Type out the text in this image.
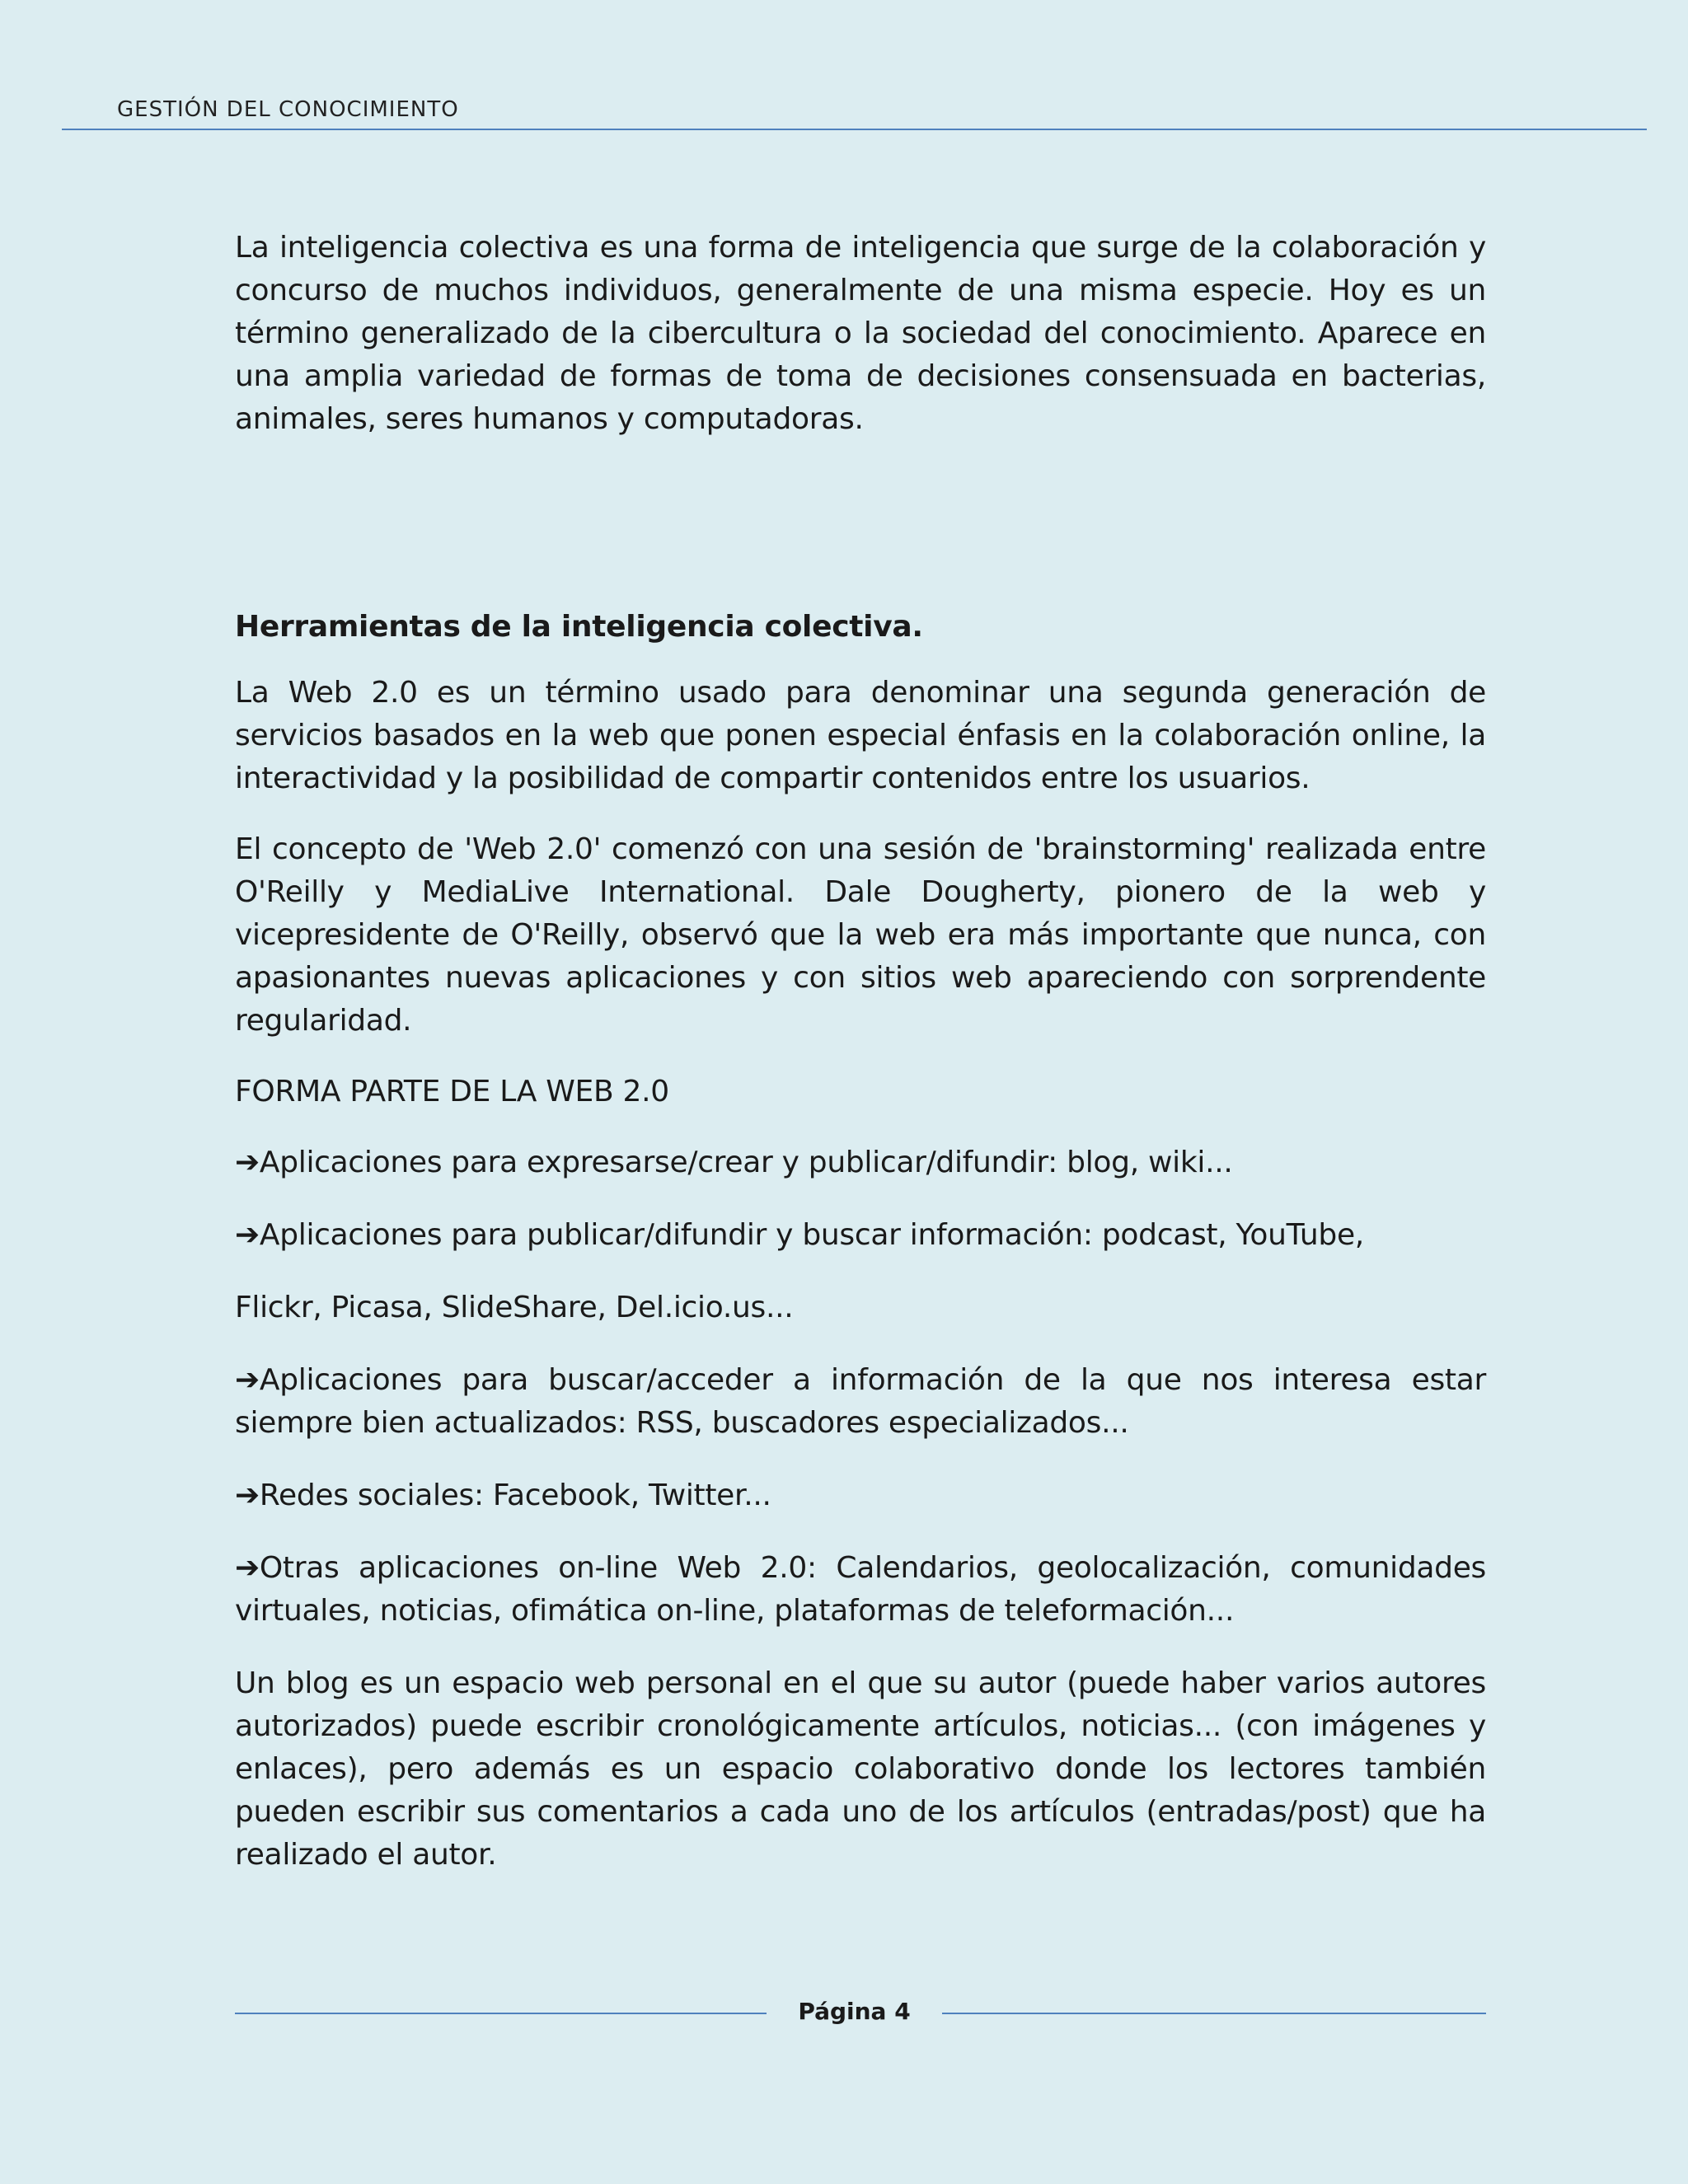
GESTIÓN DEL CONOCIMIENTO

La inteligencia colectiva es una forma de inteligencia que surge de la colaboración y concurso de muchos individuos, generalmente de una misma especie. Hoy es un término generalizado de la cibercultura o la sociedad del conocimiento. Aparece en una amplia variedad de formas de toma de decisiones consensuada en bacterias, animales, seres humanos y computadoras.

Herramientas de la inteligencia colectiva.

La Web 2.0 es un término usado para denominar una segunda generación de servicios basados en la web que ponen especial énfasis en la colaboración online, la interactividad y la posibilidad de compartir contenidos entre los usuarios.

El concepto de 'Web 2.0' comenzó con una sesión de 'brainstorming' realizada entre O'Reilly y MediaLive International. Dale Dougherty, pionero de la web y vicepresidente de O'Reilly, observó que la web era más importante que nunca, con apasionantes nuevas aplicaciones y con sitios web apareciendo con sorprendente regularidad.

FORMA PARTE DE LA WEB 2.0

➔Aplicaciones para expresarse/crear y publicar/difundir: blog, wiki...

➔Aplicaciones para publicar/difundir y buscar información: podcast, YouTube,

Flickr, Picasa, SlideShare, Del.icio.us...

➔Aplicaciones para buscar/acceder a información de la que nos interesa estar siempre bien actualizados: RSS, buscadores especializados...

➔Redes sociales: Facebook, Twitter...

➔Otras aplicaciones on-line Web 2.0: Calendarios, geolocalización, comunidades virtuales, noticias, ofimática on-line, plataformas de teleformación...

Un blog es un espacio web personal en el que su autor (puede haber varios autores autorizados) puede escribir cronológicamente artículos, noticias... (con imágenes y enlaces), pero además es un espacio colaborativo donde los lectores también pueden escribir sus comentarios a cada uno de los artículos (entradas/post) que ha realizado el autor.

Página 4
